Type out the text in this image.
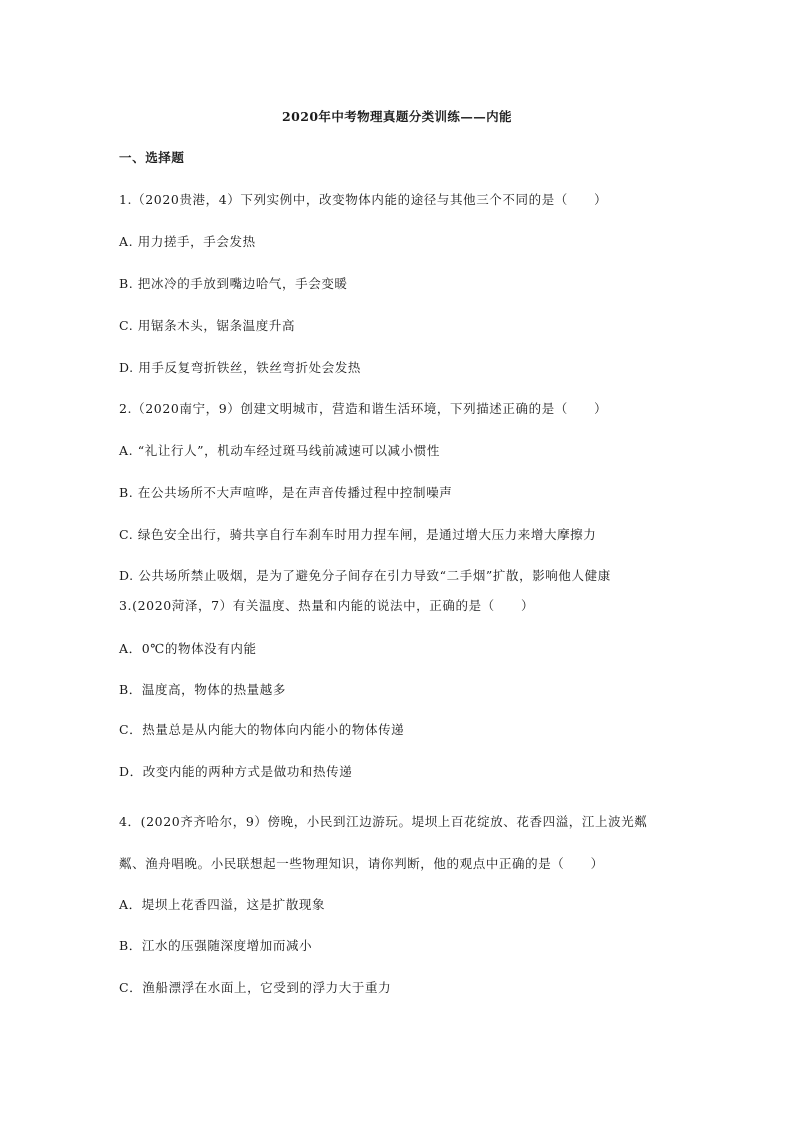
2020年中考物理真题分类训练——内能
一、选择题
1.（2020贵港，4）下列实例中，改变物体内能的途径与其他三个不同的是（　　）
A. 用力搓手，手会发热
B. 把冰冷的手放到嘴边哈气，手会变暖
C. 用锯条木头，锯条温度升高
D. 用手反复弯折铁丝，铁丝弯折处会发热
2.（2020南宁，9）创建文明城市，营造和谐生活环境，下列描述正确的是（　　）
A. “礼让行人”，机动车经过斑马线前减速可以减小惯性
B. 在公共场所不大声喧哗，是在声音传播过程中控制噪声
C. 绿色安全出行，骑共享自行车刹车时用力捏车闸，是通过增大压力来增大摩擦力
D. 公共场所禁止吸烟，是为了避免分子间存在引力导致“二手烟”扩散，影响他人健康
3.(2020菏泽，7）有关温度、热量和内能的说法中，正确的是（　　）
A．0℃的物体没有内能
B．温度高，物体的热量越多
C．热量总是从内能大的物体向内能小的物体传递
D．改变内能的两种方式是做功和热传递
4．(2020齐齐哈尔，9）傍晚，小民到江边游玩。堤坝上百花绽放、花香四溢，江上波光粼
粼、渔舟唱晚。小民联想起一些物理知识，请你判断，他的观点中正确的是（　　）
A．堤坝上花香四溢，这是扩散现象
B．江水的压强随深度增加而减小
C．渔船漂浮在水面上，它受到的浮力大于重力
